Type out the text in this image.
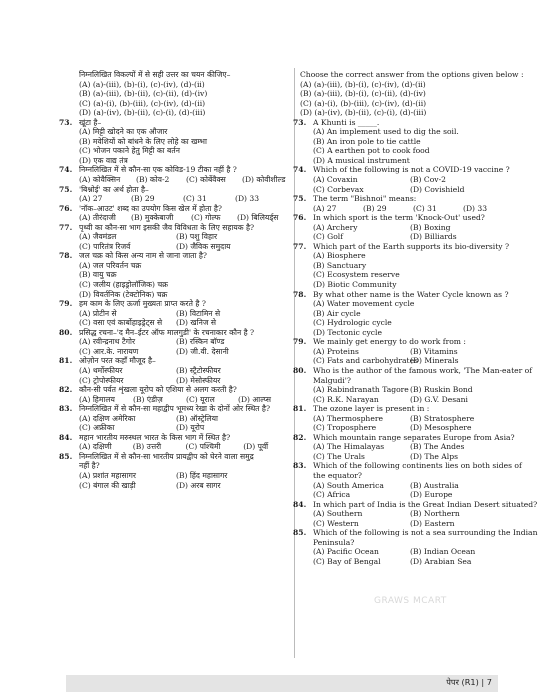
निम्नलिखित विकल्पों में से सही उत्तर का चयन कीजिए–
(A) (a)-(iii), (b)-(i), (c)-(iv), (d)-(ii)
(B) (a)-(iii), (b)-(ii), (c)-(ii), (d)-(iv)
(C) (a)-(i), (b)-(iii), (c)-(iv), (d)-(ii)
(D) (a)-(iv), (b)-(ii), (c)-(i), (d)-(iii)
73. खूंटा है–
(A) मिट्टी खोदने का एक औजार
(B) मवेशियों को बांधने के लिए लोहे का खम्भा
(C) भोजन पकाने हेतु मिट्टी का बर्तन
(D) एक वाद्य तंत्र
74. निम्नलिखित में से कौन-सा एक कोविड-19 टीका नहीं है ?
(A) कोवैक्सिन	(B) कोव-2	(C) कोर्बेवैक्स	(D) कोवीशील्ड
75. 'बिश्नोई' का अर्थ होता है–
(A) 27	(B) 29	(C) 31	(D) 33
76. 'नॉक–आउट' शब्द का उपयोग किस खेल में होता है?
(A) तीरंदाजी	(B) मुक्केबाजी	(C) गोल्फ	(D) बिलियर्ड्स
77. पृथ्वी का कौन-सा भाग इसकी जैव विविधता के लिए सहायक है?
(A) जैवमंडल	(B) पशु विहार
(C) पारितंत्र रिजर्व	(D) जैविक समुदाय
78. जल चक्र को किस अन्य नाम से जाना जाता है?
(A) जल परिवर्तन चक्र
(B) वायु चक्र
(C) जलीय (हाइड्रोलॉजिक) चक्र
(D) विवर्तनिक (टेक्टोनिक) चक्र
79. हम काम के लिए ऊर्जा मुख्यतः प्राप्त करते है ?
(A) प्रोटीन से	(B) विटामिन से
(C) वसा एवं कार्बोहाइड्रेट्स से	(D) खनिज से
80. प्रसिद्ध रचना–'द मैन–ईटर ऑफ मालगुडी' के रचनाकार कौन है ?
(A) रवीन्द्रनाथ टैगोर	(B) रस्किन बॉण्ड
(C) आर.के. नारायण	(D) जी.वी. देसानी
81. ओज़ोन परत कहाँ मौजूद है–
(A) थर्मोस्फीयर	(B) स्ट्रैटोस्फीयर
(C) ट्रोपोस्फीयर	(D) मेसोस्फीयर
82. कौन-सी पर्वत शृंखला यूरोप को एशिया से अलग करती है?
(A) हिमालय	(B) एंडीज़	(C) यूराल	(D) आल्प्स
83. निम्नलिखित में से कौन-सा महाद्वीप भूमध्य रेखा के दोनों ओर स्थित है?
(A) दक्षिण अमेरिका	(B) ऑस्ट्रेलिया
(C) अफ्रीका	(D) यूरोप
84. महान भारतीय मरुस्थल भारत के किस भाग में स्थित है?
(A) दक्षिणी	(B) उत्तरी	(C) पश्चिमी	(D) पूर्वी
85. निम्नलिखित में से कौन-सा भारतीय प्रायद्वीप को घेरने वाला समुद्र
नहीं है?
(A) प्रशांत महासागर	(B) हिंद महासागर
(C) बंगाल की खाड़ी	(D) अरब सागर
Choose the correct answer from the options given below :
(A) (a)-(iii), (b)-(i), (c)-(iv), (d)-(ii)
(B) (a)-(iii), (b)-(i), (c)-(ii), (d)-(iv)
(C) (a)-(i), (b)-(iii), (c)-(iv), (d)-(ii)
(D) (a)-(iv), (b)-(ii), (c)-(i), (d)-(iii)
73. A Khunti is _____.
(A) An implement used to dig the soil.
(B) An iron pole to tie cattle
(C) A earthen pot to cook food
(D) A musical instrument
74. Which of the following is not a COVID-19 vaccine ?
(A) Covaxin	(B) Cov-2
(C) Corbevax	(D) Covishield
75. The term "Bishnoi" means:
(A) 27	(B) 29	(C) 31	(D) 33
76. In which sport is the term 'Knock-Out' used?
(A) Archery	(B) Boxing
(C) Golf	(D) Billiards
77. Which part of the Earth supports its bio-diversity ?
(A) Biosphere
(B) Sanctuary
(C) Ecosystem reserve
(D) Biotic Community
78. By what other name is the Water Cycle known as ?
(A) Water movement cycle
(B) Air cycle
(C) Hydrologic cycle
(D) Tectonic cycle
79. We mainly get energy to do work from :
(A) Proteins	(B) Vitamins
(C) Fats and carbohydrates
(D) Minerals
80. Who is the author of the famous work, 'The Man-eater of
Malgudi'?
(A) Rabindranath Tagore (B) Ruskin Bond
(C) R.K. Narayan	(D) G.V. Desani
81. The ozone layer is present in :
(A) Thermosphere	(B) Stratosphere
(C) Troposphere	(D) Mesosphere
82. Which mountain range separates Europe from Asia?
(A) The Himalayas	(B) The Andes
(C) The Urals	(D) The Alps
83. Which of the following continents lies on both sides of
the equator?
(A) South America	(B) Australia
(C) Africa	(D) Europe
84. In which part of India is the Great Indian Desert situated?
(A) Southern	(B) Northern
(C) Western	(D) Eastern
85. Which of the following is not a sea surrounding the Indian
Peninsula?
(A) Pacific Ocean	(B) Indian Ocean
(C) Bay of Bengal	(D) Arabian Sea
GRAWS MCART
पेपर (R1) | 7
